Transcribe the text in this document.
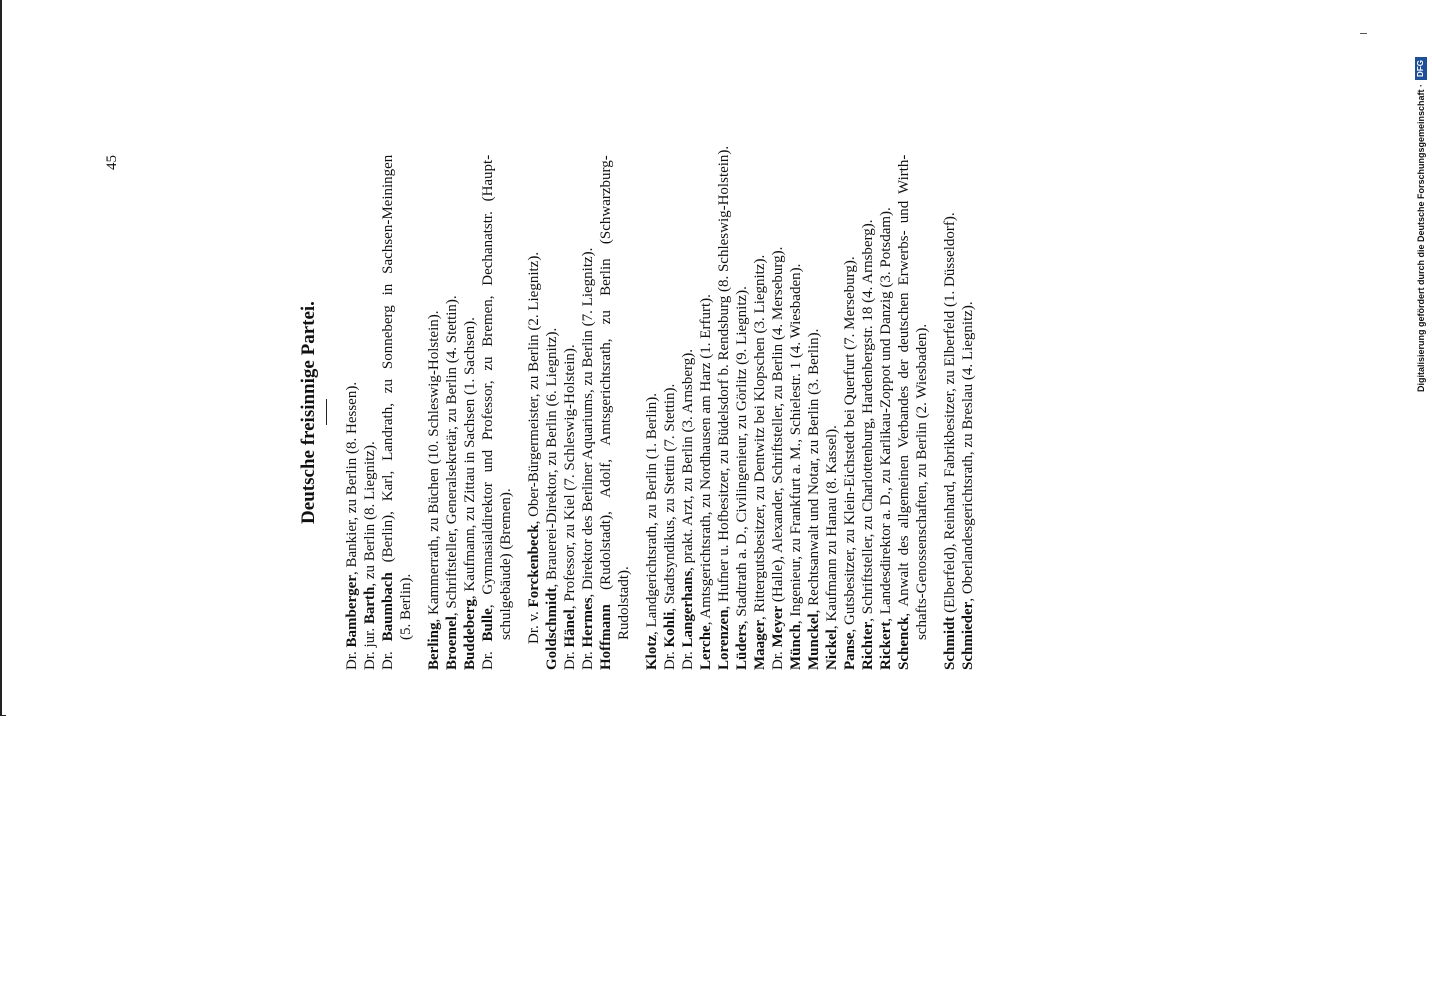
45
Deutsche freisinnige Partei.
Dr. Bamberger, Bankier, zu Berlin (8. Hessen).
Dr. jur. Barth, zu Berlin (8. Liegnitz).
Dr. Baumbach (Berlin), Karl, Landrath, zu Sonneberg in Sachsen-Meiningen
(5. Berlin).
Berling, Kammerrath, zu Büchen (10. Schleswig-Holstein).
Broemel, Schriftsteller, Generalsekretär, zu Berlin (4. Stettin).
Buddeberg, Kaufmann, zu Zittau in Sachsen (1. Sachsen).
Dr. Bulle, Gymnasialdirektor und Professor, zu Bremen, Dechanatstr. (Haupt- schulgebäude) (Bremen). Dr. v. Forckenbeck, Ober-Bürgermeister, zu Berlin (2. Liegnitz).
Goldschmidt, Brauerei-Direktor, zu Berlin (6. Liegnitz).
Dr. Hänel, Professor, zu Kiel (7. Schleswig-Holstein).
Dr. Hermes, Direktor des Berliner Aquariums, zu Berlin (7. Liegnitz).
Hoffmann (Rudolstadt), Adolf, Amtsgerichtsrath, zu Berlin (Schwarzburg- Rudolstadt).
Klotz, Landgerichtsrath, zu Berlin (1. Berlin).
Dr. Kohli, Stadtsyndikus, zu Stettin (7. Stettin).
Dr. Langerhans, prakt. Arzt, zu Berlin (3. Arnsberg).
Lerche, Amtsgerichtsrath, zu Nordhausen am Harz (1. Erfurt).
Lorenzen, Hufner u. Hofbesitzer, zu Büdelsdorf b. Rendsburg (8. Schleswig-Holstein).
Lüders, Stadtrath a. D., Civilingenieur, zu Görlitz (9. Liegnitz).
Maager, Rittergutsbesitzer, zu Dentwitz bei Klopschen (3. Liegnitz).
Dr. Meyer (Halle), Alexander, Schriftsteller, zu Berlin (4. Merseburg).
Münch, Ingenieur, zu Frankfurt a. M., Schielestr. 1 (4. Wiesbaden).
Munckel, Rechtsanwalt und Notar, zu Berlin (3. Berlin).
Nickel, Kaufmann zu Hanau (8. Kassel).
Panse, Gutsbesitzer, zu Klein-Eichstedt bei Querfurt (7. Merseburg).
Richter, Schriftsteller, zu Charlottenburg, Hardenbergstr. 18 (4. Arnsberg).
Rickert, Landesdirektor a. D., zu Karlikau-Zoppot und Danzig (3. Potsdam).
Schenck, Anwalt des allgemeinen Verbandes der deutschen Erwerbs- und Wirth- schafts-Genossenschaften, zu Berlin (2. Wiesbaden).
Schmidt (Elberfeld), Reinhard, Fabrikbesitzer, zu Elberfeld (1. Düsseldorf).
Schmieder, Oberlandesgerichtsrath, zu Breslau (4. Liegnitz).
Digitalisierung gefördert durch die Deutsche Forschungsgemeinschaft ·
DFG
